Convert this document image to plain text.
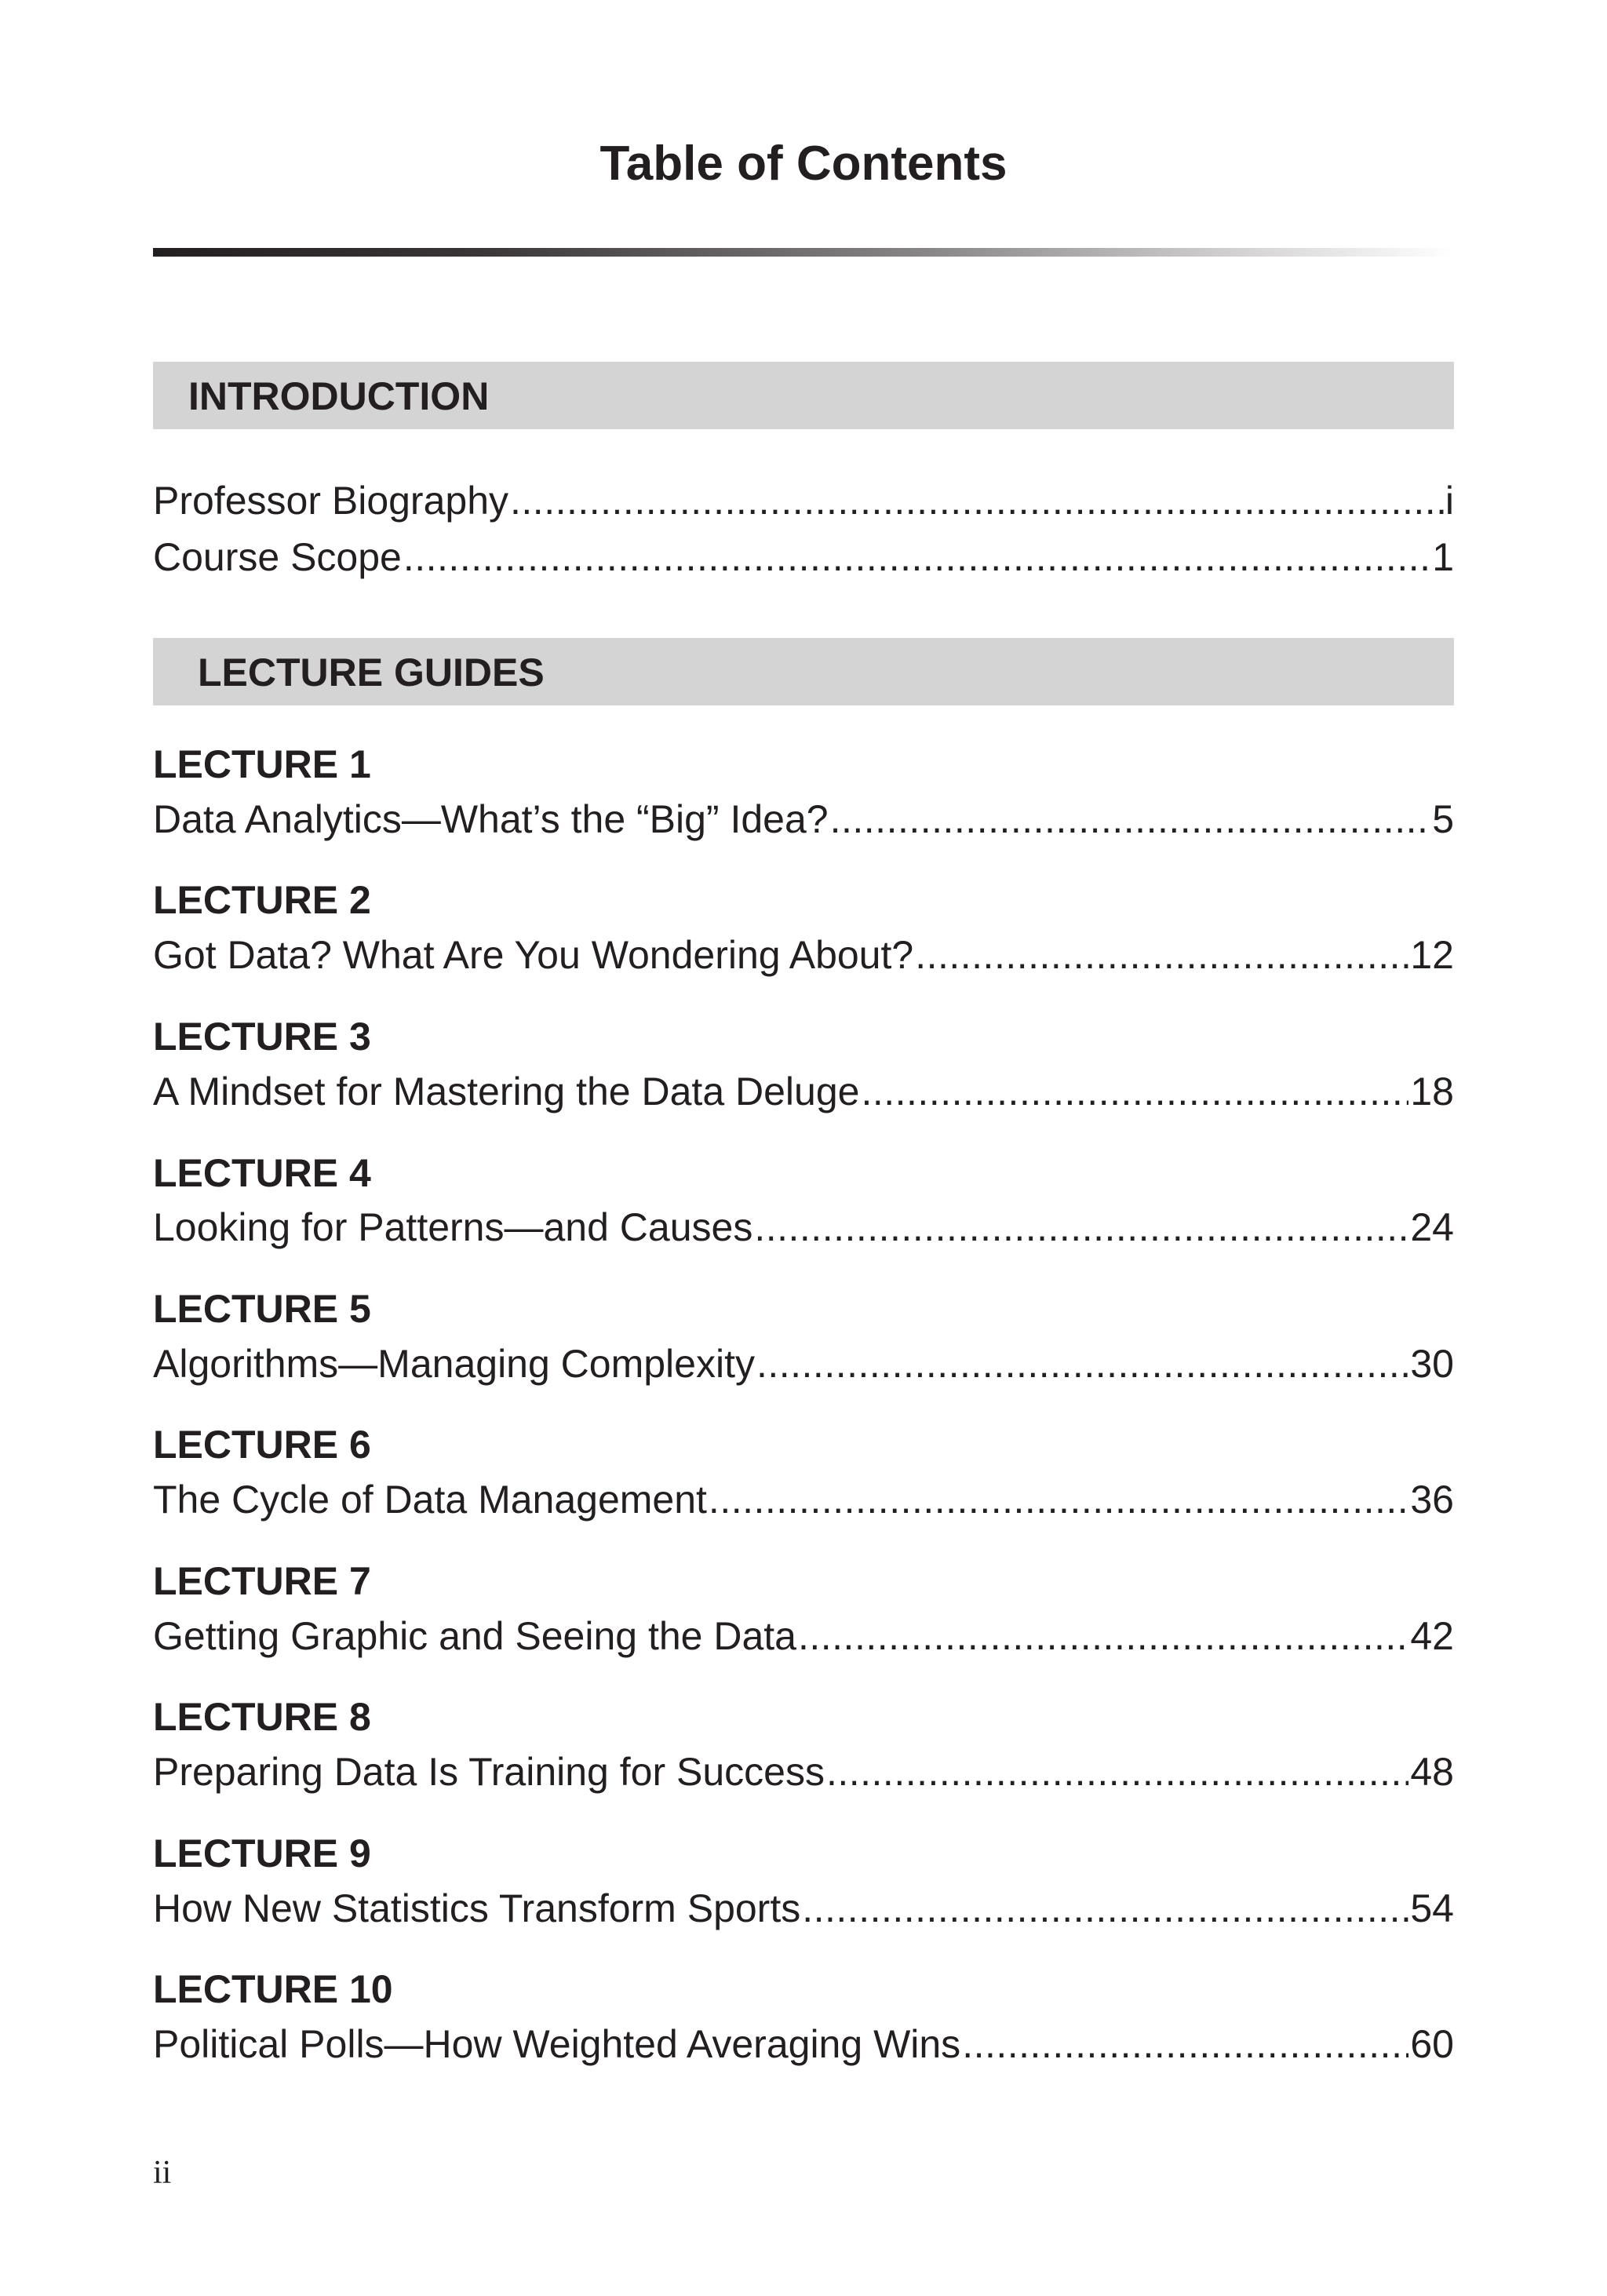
Table of Contents
INTRODUCTION
Professor Biography .....	i
Course Scope .....	1
LECTURE GUIDES
LECTURE 1
Data Analytics—What’s the “Big” Idea? .....	5
LECTURE 2
Got Data? What Are You Wondering About? .....	12
LECTURE 3
A Mindset for Mastering the Data Deluge .....	18
LECTURE 4
Looking for Patterns—and Causes .....	24
LECTURE 5
Algorithms—Managing Complexity .....	30
LECTURE 6
The Cycle of Data Management .....	36
LECTURE 7
Getting Graphic and Seeing the Data .....	42
LECTURE 8
Preparing Data Is Training for Success .....	48
LECTURE 9
How New Statistics Transform Sports .....	54
LECTURE 10
Political Polls—How Weighted Averaging Wins .....	60
ii
